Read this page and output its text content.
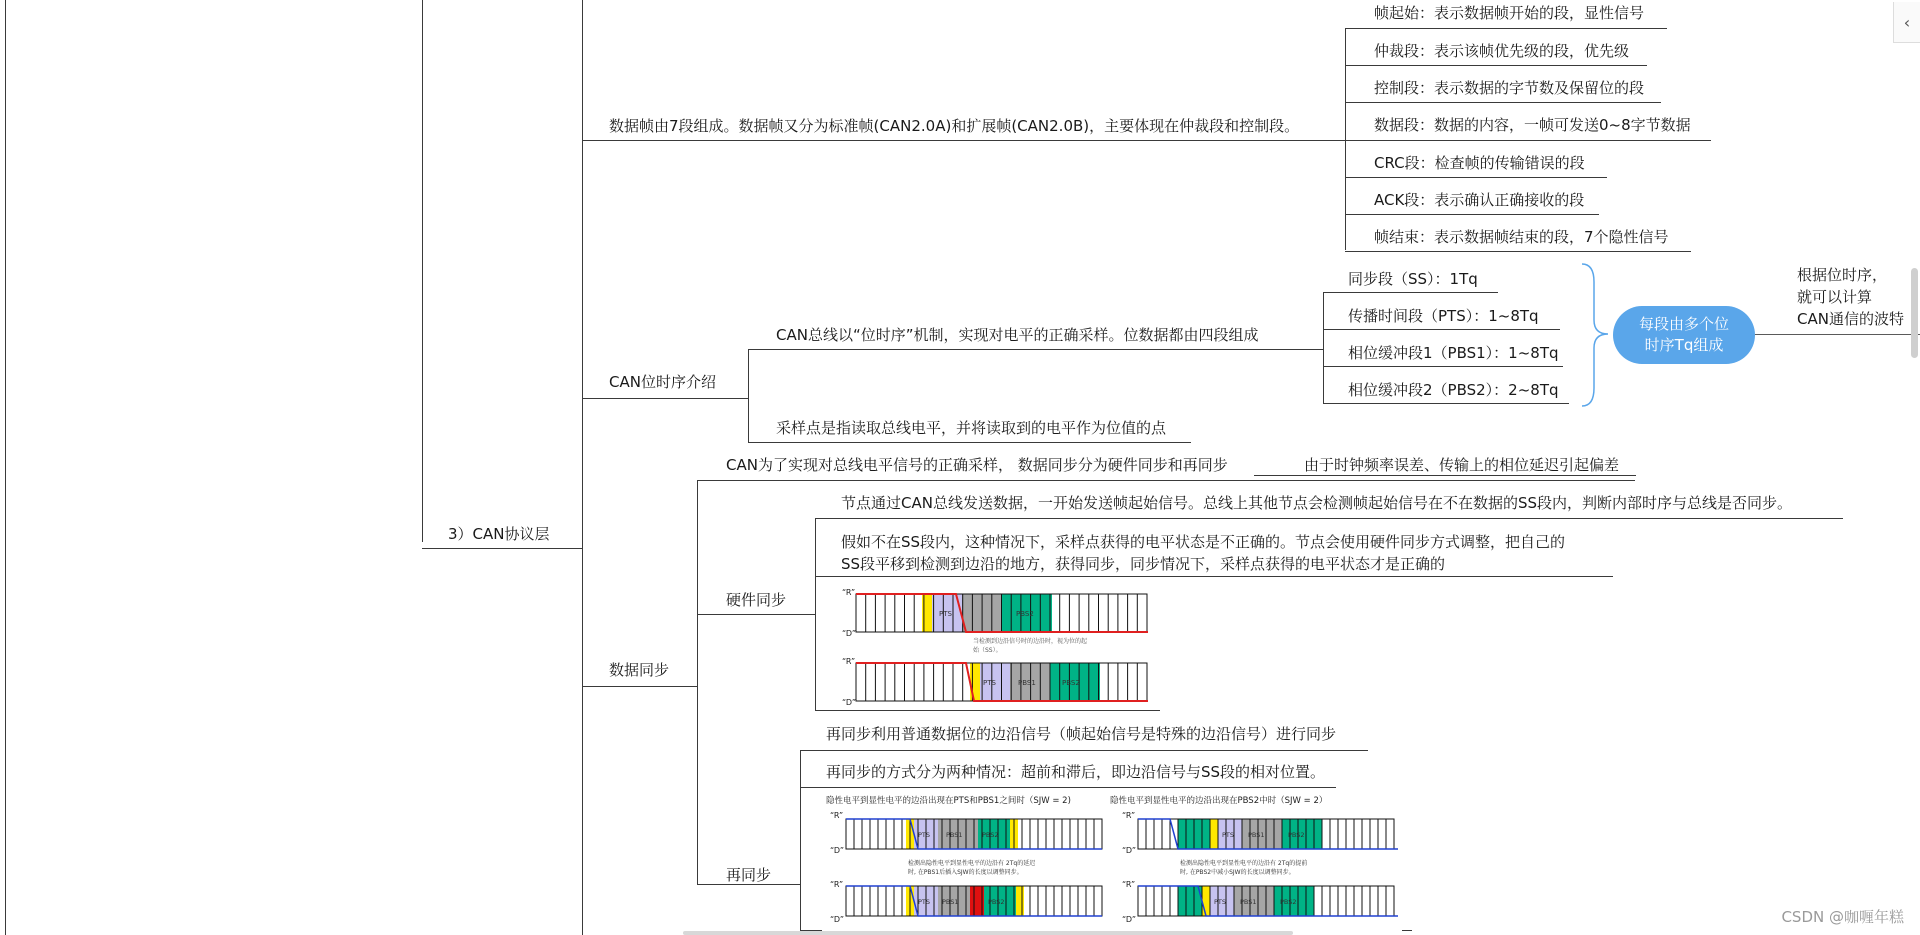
3）CAN协议层
数据帧由7段组成。数据帧又分为标准帧(CAN2.0A)和扩展帧(CAN2.0B)，主要体现在仲裁段和控制段。
帧起始：表示数据帧开始的段，显性信号
仲裁段：表示该帧优先级的段，优先级
控制段：表示数据的字节数及保留位的段
数据段：数据的内容，一帧可发送0~8字节数据
CRC段：检查帧的传输错误的段
ACK段：表示确认正确接收的段
帧结束：表示数据帧结束的段，7个隐性信号
CAN位时序介绍
CAN总线以“位时序”机制，实现对电平的正确采样。位数据都由四段组成
采样点是指读取总线电平，并将读取到的电平作为位值的点
同步段（SS）：1Tq
传播时间段（PTS）：1~8Tq
相位缓冲段1（PBS1）：1~8Tq
相位缓冲段2（PBS2）：2~8Tq
每段由多个位
时序Tq组成
根据位时序，
就可以计算
CAN通信的波特
数据同步
CAN为了实现对总线电平信号的正确采样， 数据同步分为硬件同步和再同步	由于时钟频率误差、传输上的相位延迟引起偏差
硬件同步
节点通过CAN总线发送数据，一开始发送帧起始信号。总线上其他节点会检测帧起始信号在不在数据的SS段内，判断内部时序与总线是否同步。
假如不在SS段内，这种情况下，采样点获得的电平状态是不正确的。节点会使用硬件同步方式调整，把自己的
SS段平移到检测到边沿的地方，获得同步，同步情况下，采样点获得的电平状态才是正确的
再同步
再同步利用普通数据位的边沿信号（帧起始信号是特殊的边沿信号）进行同步
再同步的方式分为两种情况：超前和滞后，即边沿信号与SS段的相对位置。
“R”
“D”
“R”
“D”
PTS	PBS2
当检测到边沿信号时的边沿时，视为位的起
始（SS）。
PTS	PBS1	PBS2
隐性电平到显性电平的边沿出现在PTS和PBS1之间时（SJW = 2)	隐性电平到显性电平的边沿出现在PBS2中时（SJW = 2）
“R”
“D”
“R”
“D”
“R”
“D”
“R”
“D”
PTS PBS1	PBS2
PTS PBS1	PBS2
PTS PBS1	PBS2
PTS PBS1	PBS2
检测出隐性电平到显性电平的边沿有 2Tq的延迟
时, 在PBS1后插入SJW的长度以调整同步。
检测出隐性电平到显性电平的边沿有 2Tq的提前
时, 在PBS2中减小SJW的长度以调整同步。
‹
CSDN @咖喱年糕
